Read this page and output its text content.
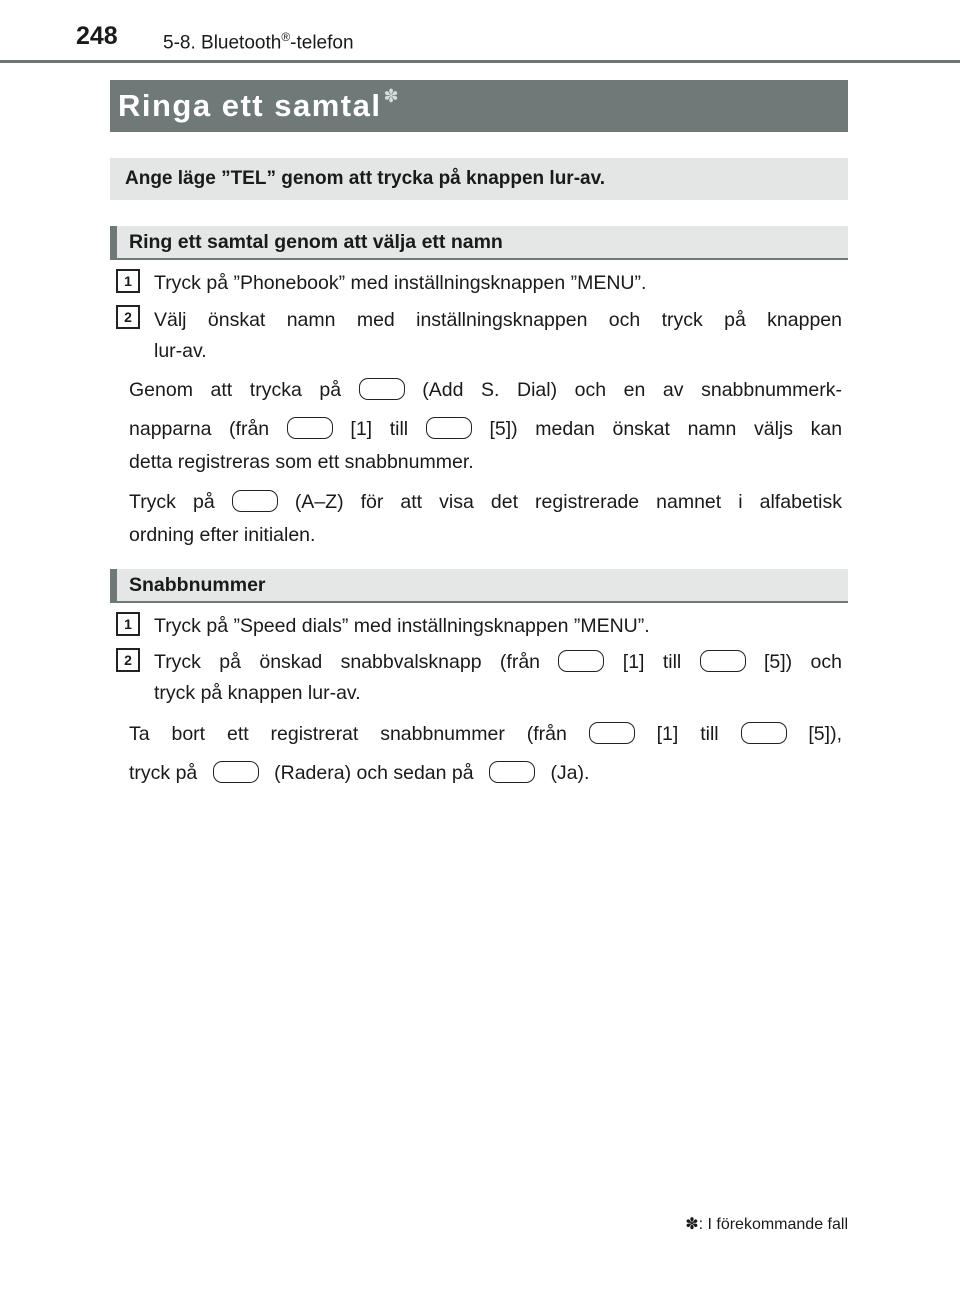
248 5-8. Bluetooth®-telefon
Ringa ett samtal ✽
Ange läge ”TEL” genom att trycka på knappen lur-av.
Ring ett samtal genom att välja ett namn
1	Tryck på ”Phonebook” med inställningsknappen ”MENU”.
2	Välj önskat namn med inställningsknappen och tryck på knappen
lur-av.
Genom att trycka på	(Add S. Dial) och en av snabbnummerk-
napparna (från	[1] till	[5]) medan önskat namn väljs kan
detta registreras som ett snabbnummer.
Tryck på	(A–Z) för att visa det registrerade namnet i alfabetisk
ordning efter initialen.
Snabbnummer
1	Tryck på ”Speed dials” med inställningsknappen ”MENU”.
2	Tryck på önskad snabbvalsknapp (från	[1] till	[5]) och
tryck på knappen lur-av.
Ta bort ett registrerat snabbnummer (från	[1] till	[5]),
tryck på	(Radera) och sedan på	(Ja).
✽: I förekommande fall
